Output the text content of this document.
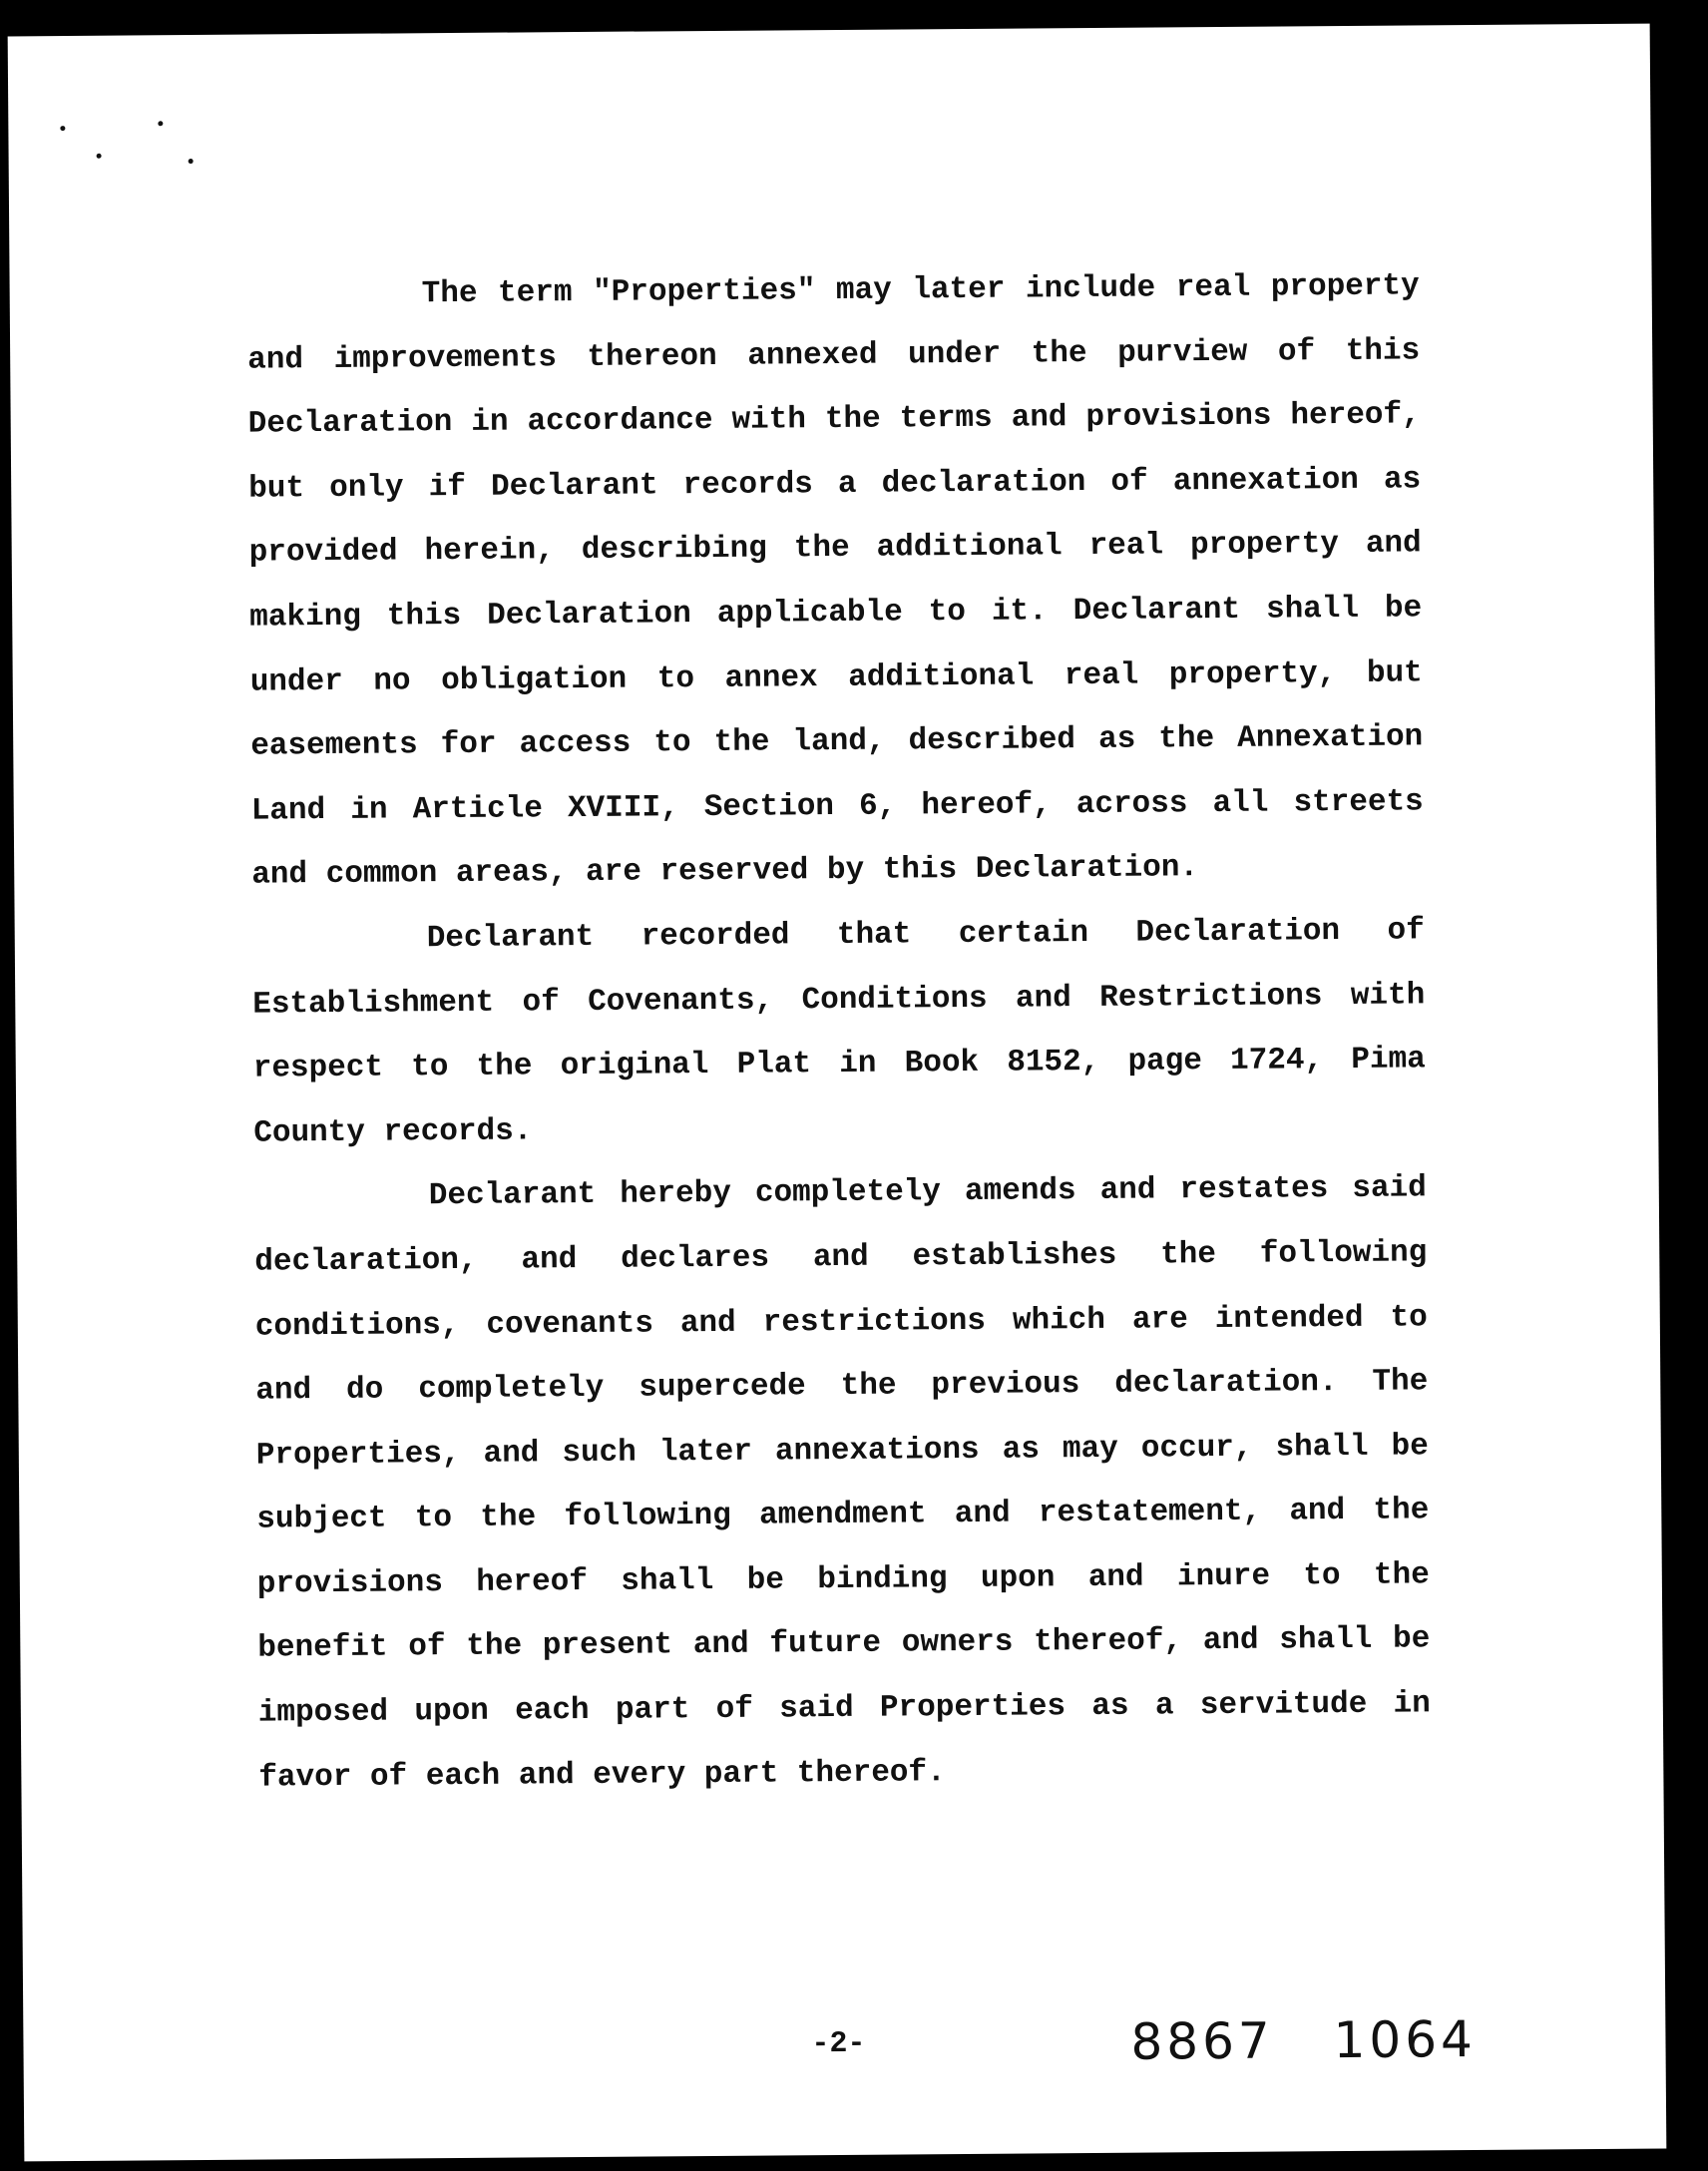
The term "Properties" may later include real property and improvements thereon annexed under the purview of this Declaration in accordance with the terms and provisions hereof, but only if Declarant records a declaration of annexation as provided herein, describing the additional real property and making this Declaration applicable to it. Declarant shall be under no obligation to annex additional real property, but easements for access to the land, described as the Annexation Land in Article XVIII, Section 6, hereof, across all streets and common areas, are reserved by this Declaration.

Declarant recorded that certain Declaration of Establishment of Covenants, Conditions and Restrictions with respect to the original Plat in Book 8152, page 1724, Pima County records.

Declarant hereby completely amends and restates said declaration, and declares and establishes the following conditions, covenants and restrictions which are intended to and do completely supercede the previous declaration. The Properties, and such later annexations as may occur, shall be subject to the following amendment and restatement, and the provisions hereof shall be binding upon and inure to the benefit of the present and future owners thereof, and shall be imposed upon each part of said Properties as a servitude in favor of each and every part thereof.

-2-	8867 1064
